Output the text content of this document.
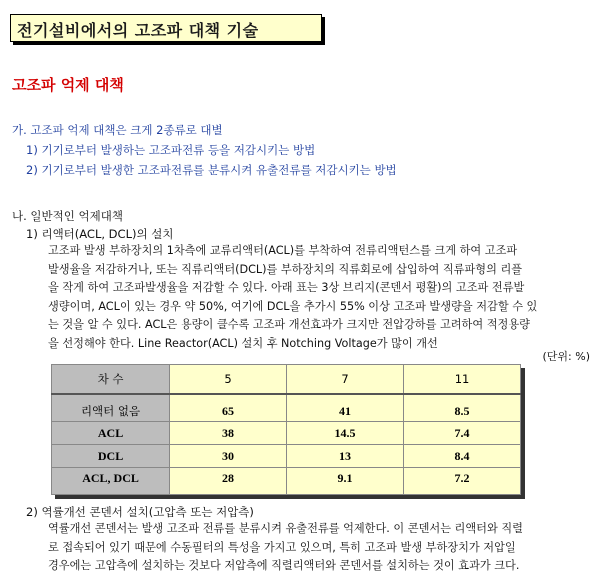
전기설비에서의 고조파 대책 기술
고조파 억제 대책
가. 고조파 억제 대책은 크게 2종류로 대별
1) 기기로부터 발생하는 고조파전류 등을 저감시키는 방법
2) 기기로부터 발생한 고조파전류를 분류시켜 유출전류를 저감시키는 방법
나. 일반적인 억제대책
1) 리액터(ACL, DCL)의 설치
고조파 발생 부하장치의 1차측에 교류리액터(ACL)를 부착하여 전류리액턴스를 크게 하여 고조파
발생율을 저감하거나, 또는 직류리액터(DCL)를 부하장치의 직류회로에 삽입하여 직류파형의 리플
을 작게 하여 고조파발생율을 저감할 수 있다. 아래 표는 3상 브리지(콘덴서 평활)의 고조파 전류발
생량이며, ACL이 있는 경우 약 50%, 여기에 DCL을 추가시 55% 이상 고조파 발생량을 저감할 수 있
는 것을 알 수 있다. ACL은 용량이 클수록 고조파 개선효과가 크지만 전압강하를 고려하여 적정용량
을 선정해야 한다. Line Reactor(ACL) 설치 후 Notching Voltage가 많이 개선
(단위: %)
차 수	5	7	11
리액터 없음	65	41	8.5
ACL	38	14.5	7.4
DCL	30	13	8.4
ACL, DCL	28	9.1	7.2
2) 역률개선 콘덴서 설치(고압측 또는 저압측)
역률개선 콘덴서는 발생 고조파 전류를 분류시켜 유출전류를 억제한다. 이 콘덴서는 리액터와 직렬
로 접속되어 있기 때문에 수동필터의 특성을 가지고 있으며, 특히 고조파 발생 부하장치가 저압일
경우에는 고압측에 설치하는 것보다 저압측에 직렬리액터와 콘덴서를 설치하는 것이 효과가 크다.
